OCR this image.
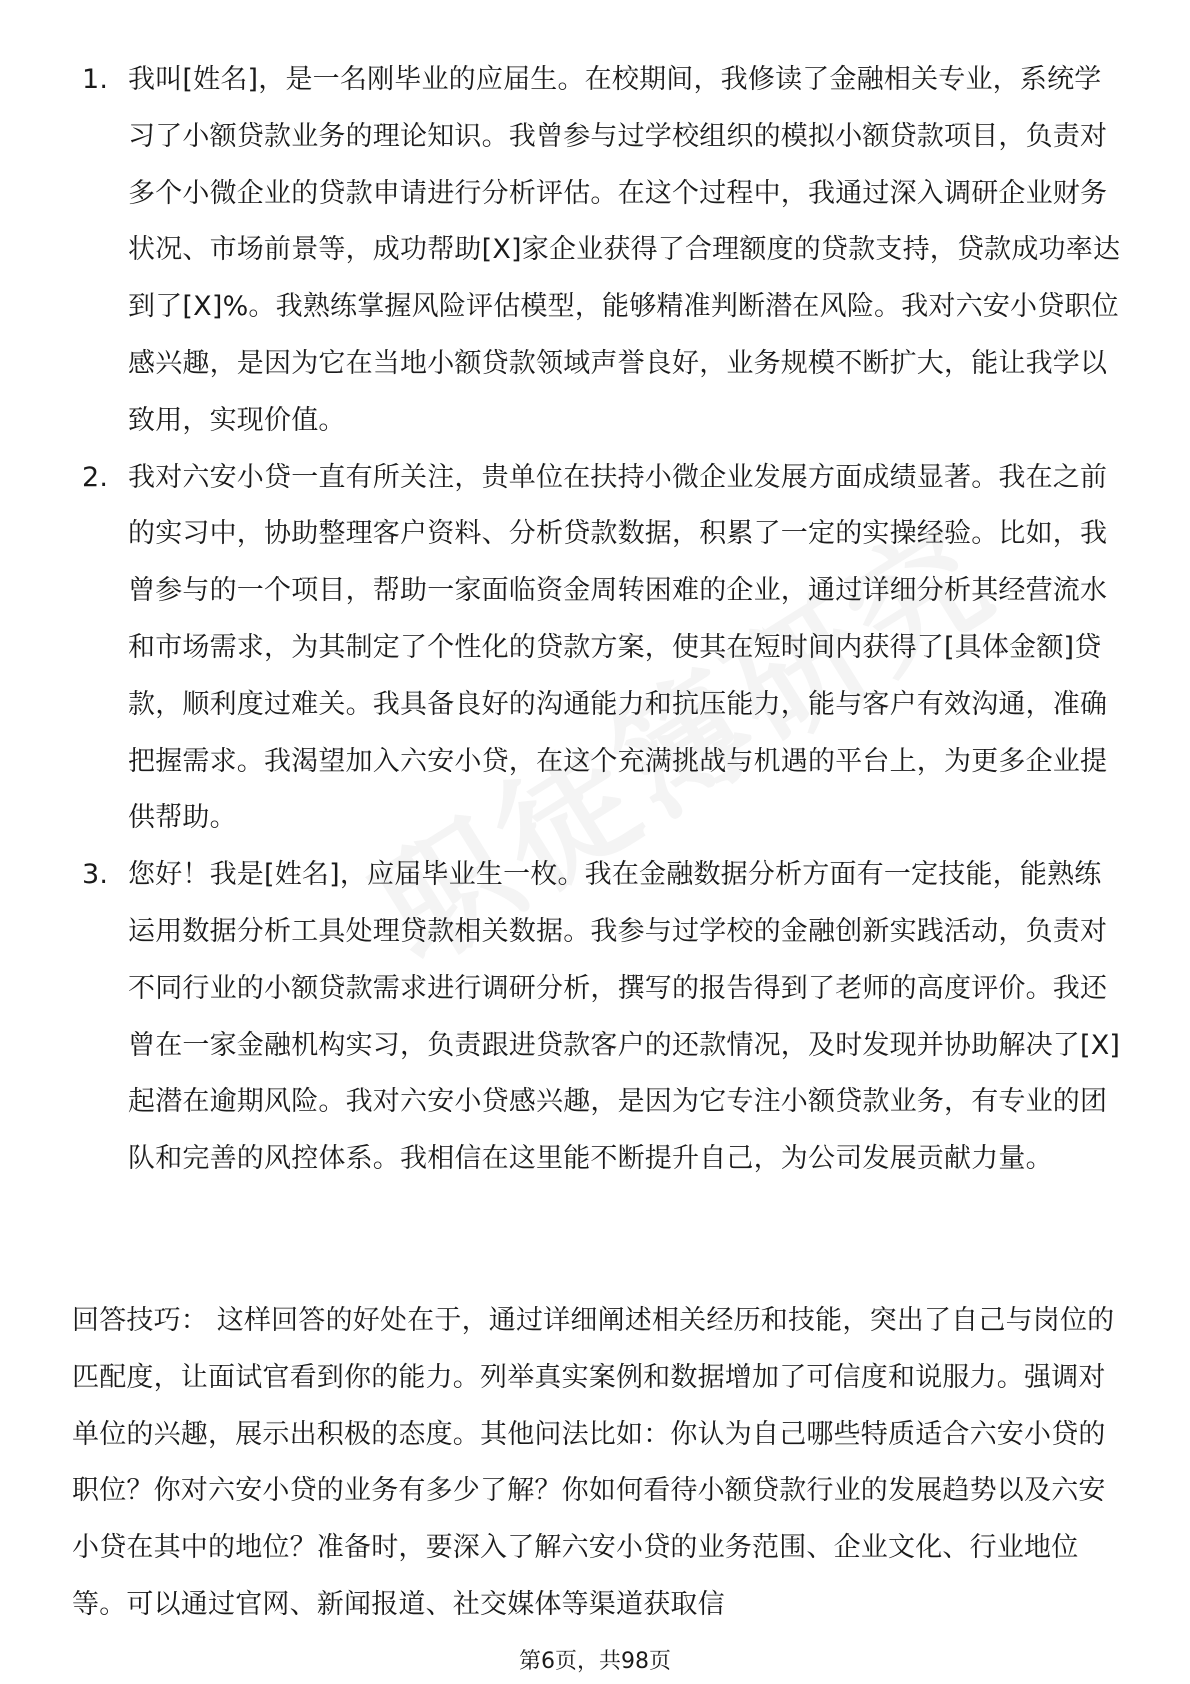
1. 我叫[姓名]，是一名刚毕业的应届生。在校期间，我修读了金融相关专业，系统学习了小额贷款业务的理论知识。我曾参与过学校组织的模拟小额贷款项目，负责对多个小微企业的贷款申请进行分析评估。在这个过程中，我通过深入调研企业财务状况、市场前景等，成功帮助[X]家企业获得了合理额度的贷款支持，贷款成功率达到了[X]%。我熟练掌握风险评估模型，能够精准判断潜在风险。我对六安小贷职位感兴趣，是因为它在当地小额贷款领域声誉良好，业务规模不断扩大，能让我学以致用，实现价值。
2. 我对六安小贷一直有所关注，贵单位在扶持小微企业发展方面成绩显著。我在之前的实习中，协助整理客户资料、分析贷款数据，积累了一定的实操经验。比如，我曾参与的一个项目，帮助一家面临资金周转困难的企业，通过详细分析其经营流水和市场需求，为其制定了个性化的贷款方案，使其在短时间内获得了[具体金额]贷款，顺利度过难关。我具备良好的沟通能力和抗压能力，能与客户有效沟通，准确把握需求。我渴望加入六安小贷，在这个充满挑战与机遇的平台上，为更多企业提供帮助。
3. 您好！我是[姓名]，应届毕业生一枚。我在金融数据分析方面有一定技能，能熟练运用数据分析工具处理贷款相关数据。我参与过学校的金融创新实践活动，负责对不同行业的小额贷款需求进行调研分析，撰写的报告得到了老师的高度评价。我还曾在一家金融机构实习，负责跟进贷款客户的还款情况，及时发现并协助解决了[X]起潜在逾期风险。我对六安小贷感兴趣，是因为它专注小额贷款业务，有专业的团队和完善的风控体系。我相信在这里能不断提升自己，为公司发展贡献力量。

回答技巧： 这样回答的好处在于，通过详细阐述相关经历和技能，突出了自己与岗位的匹配度，让面试官看到你的能力。列举真实案例和数据增加了可信度和说服力。强调对单位的兴趣，展示出积极的态度。其他问法比如：你认为自己哪些特质适合六安小贷的职位？你对六安小贷的业务有多少了解？你如何看待小额贷款行业的发展趋势以及六安小贷在其中的地位？准备时，要深入了解六安小贷的业务范围、企业文化、行业地位等。可以通过官网、新闻报道、社交媒体等渠道获取信

第6页，共98页
